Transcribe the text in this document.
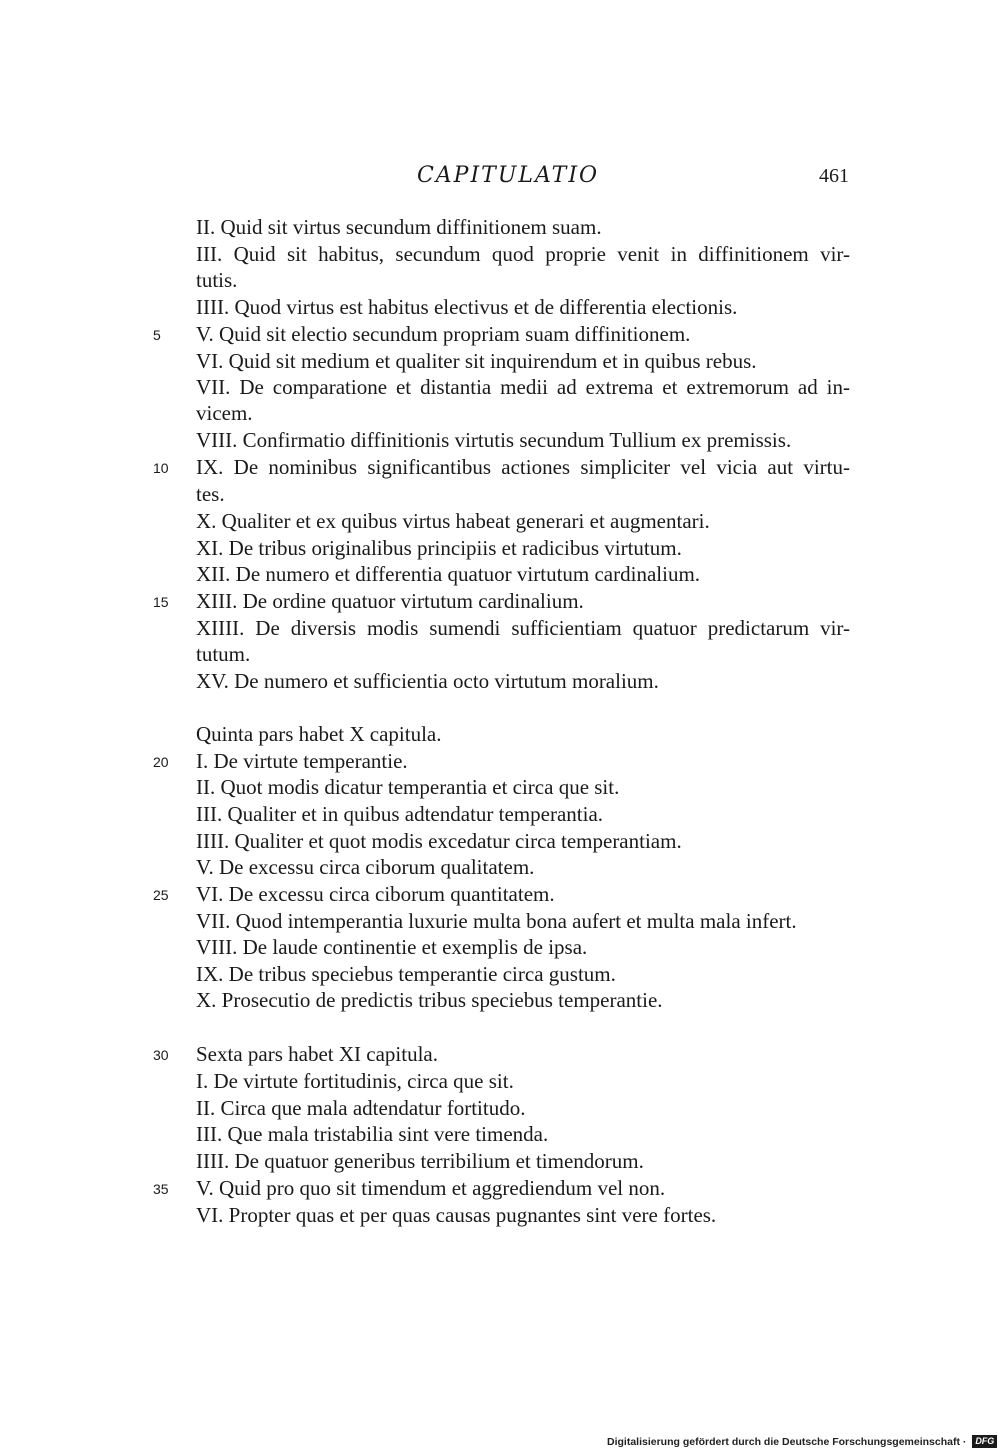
CAPITULATIO	461
II. Quid sit virtus secundum diffinitionem suam.
III. Quid sit habitus, secundum quod proprie venit in diffinitionem vir-
tutis.
IIII. Quod virtus est habitus electivus et de differentia electionis.
V. Quid sit electio secundum propriam suam diffinitionem.
VI. Quid sit medium et qualiter sit inquirendum et in quibus rebus.
VII. De comparatione et distantia medii ad extrema et extremorum ad in-
vicem.
VIII. Confirmatio diffinitionis virtutis secundum Tullium ex premissis.
IX. De nominibus significantibus actiones simpliciter vel vicia aut virtu-
tes.
X. Qualiter et ex quibus virtus habeat generari et augmentari.
XI. De tribus originalibus principiis et radicibus virtutum.
XII. De numero et differentia quatuor virtutum cardinalium.
XIII. De ordine quatuor virtutum cardinalium.
XIIII. De diversis modis sumendi sufficientiam quatuor predictarum vir-
tutum.
XV. De numero et sufficientia octo virtutum moralium.
Quinta pars habet X capitula.
I. De virtute temperantie.
II. Quot modis dicatur temperantia et circa que sit.
III. Qualiter et in quibus adtendatur temperantia.
IIII. Qualiter et quot modis excedatur circa temperantiam.
V. De excessu circa ciborum qualitatem.
VI. De excessu circa ciborum quantitatem.
VII. Quod intemperantia luxurie multa bona aufert et multa mala infert.
VIII. De laude continentie et exemplis de ipsa.
IX. De tribus speciebus temperantie circa gustum.
X. Prosecutio de predictis tribus speciebus temperantie.
Sexta pars habet XI capitula.
I. De virtute fortitudinis, circa que sit.
II. Circa que mala adtendatur fortitudo.
III. Que mala tristabilia sint vere timenda.
IIII. De quatuor generibus terribilium et timendorum.
V. Quid pro quo sit timendum et aggrediendum vel non.
VI. Propter quas et per quas causas pugnantes sint vere fortes.
5
10
15
20
25
30
35
Digitalisierung gefördert durch die Deutsche Forschungsgemeinschaft · DFG
